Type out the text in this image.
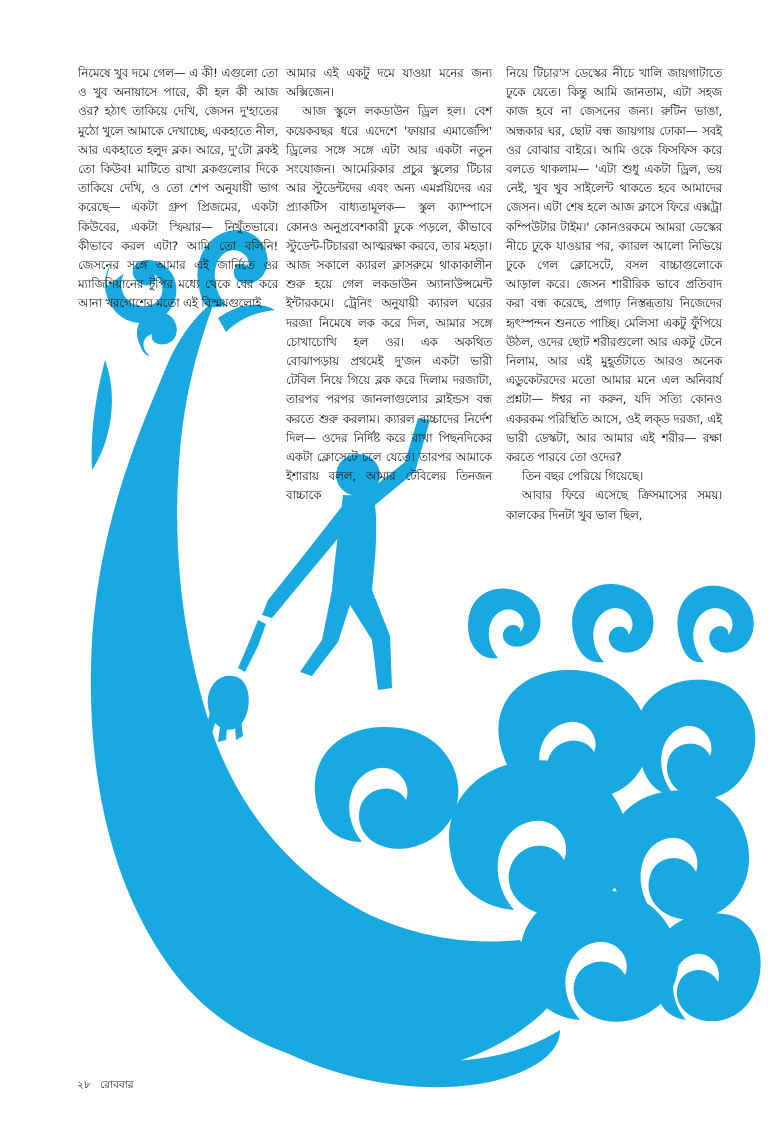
নিমেষে খুব দমে গেল— এ কী! এগুলো তো ও খুব অনায়াসে পারে, কী হল কী আজ ওর? হঠাৎ তাকিয়ে দেখি, জেসন দু'হাতের মুঠো খুলে আমাকে দেখাচ্ছে, একহাতে নীল, আর একহাতে হলুদ ব্লক। আরে, দু'টো ব্লকই তো কিউব! মাটিতে রাখা ব্লকগুলোর দিকে তাকিয়ে দেখি, ও তো শেপ অনুযায়ী ভাগ করেছে— একটা গ্রুপ প্রিজমের, একটা কিউবের, একটা স্ফিয়ার— নিখুঁতভাবে। কীভাবে করল এটা? আমি তো বলিনি! জেসনের সঙ্গে আমার এই জার্নিতে ওর ম্যাজিশিয়ানের টুপির মধ্যে থেকে বের করে আনা খরগোশের মতো এই বিস্ময়গুলোই

আমার এই একটু দমে যাওয়া মনের জন্য অক্সিজেন।

আজ স্কুলে লকডাউন ড্রিল হল। বেশ কয়েকবছর ধরে এদেশে 'ফায়ার এমার্জেন্সি' ড্রিলের সঙ্গে সঙ্গে এটা আর একটা নতুন সংযোজন। আমেরিকার প্রচুর স্কুলের টিচার আর স্টুডেন্টদের এবং অন্য এমপ্লয়িদের এর প্র্যাকটিস বাধ্যতামূলক— স্কুল ক্যাম্পাসে কোনও অনুপ্রবেশকারী ঢুকে পড়লে, কীভাবে স্টুডেন্ট-টিচাররা আত্মরক্ষা করবে, তার মহড়া। আজ সকালে ক্যারল ক্লাসরুমে থাকাকালীন শুরু হয়ে গেল লকডাউন অ্যানাউন্সমেন্ট ইন্টারকমে। ট্রেনিং অনুযায়ী ক্যারল ঘরের দরজা নিমেষে লক করে দিল, আমার সঙ্গে চোখাচোখি হল ওর। এক অকথিত বোঝাপড়ায় প্রথমেই দু'জন একটা ভারী টেবিল নিয়ে গিয়ে ব্লক করে দিলাম দরজাটা, তারপর পরপর জানলাগুলোর ব্লাইন্ডস বন্ধ করতে শুরু করলাম। ক্যারল বাচ্চাদের নির্দেশ দিল— ওদের নির্দিষ্ট করে রাখা পিছনদিকের একটা ক্লোসেটে চলে যেতে। তারপর আমাকে ইশারায় বলল, আমার টেবিলের তিনজন বাচ্চাকে

নিয়ে টিচার'স ডেস্কের নীচে খালি জায়গাটাতে ঢুকে যেতে। কিন্তু আমি জানতাম, এটা সহজ কাজ হবে না জেসনের জন্য। রুটিন ভাঙা, অন্ধকার ঘর, ছোট বন্ধ জায়গায় ঢোকা— সবই ওর বোঝার বাইরে। আমি ওকে ফিসফিস করে বলতে থাকলাম— 'এটা শুধু একটা ড্রিল, ভয় নেই, খুব খুব সাইলেন্ট থাকতে হবে আমাদের জেসন। এটা শেষ হলে আজ ক্লাসে ফিরে এক্সট্রা কম্পিউটার টাইম।' কোনওরকমে আমরা ডেস্কের নীচে ঢুকে যাওয়ার পর, ক্যারল আলো নিভিয়ে ঢুকে গেল ক্লোসেটে, বসল বাচ্চাগুলোকে আড়াল করে। জেসন শারীরিক ভাবে প্রতিবাদ করা বন্ধ করেছে, প্রগাঢ় নিস্তব্ধতায় নিজেদের হৃৎস্পন্দন শুনতে পাচ্ছি। মেলিসা একটু ফুঁপিয়ে উঠল, ওদের ছোট শরীরগুলো আর একটু টেনে নিলাম, আর এই মুহূর্তটাতে আরও অনেক এডুকেটরদের মতো আমার মনে এল অনিবার্য প্রশ্নটা— ঈশ্বর না করুন, যদি সত্যি কোনও একরকম পরিস্থিতি আসে, ওই লক্‌ড দরজা, এই ভারী ডেস্কটা, আর আমার এই শরীর— রক্ষা করতে পারবে তো ওদের?

তিন বছর পেরিয়ে গিয়েছে।

আবার ফিরে এসেছে ক্রিসমাসের সময়। কালকের দিনটা খুব ভাল ছিল,

২৮ রোববার
